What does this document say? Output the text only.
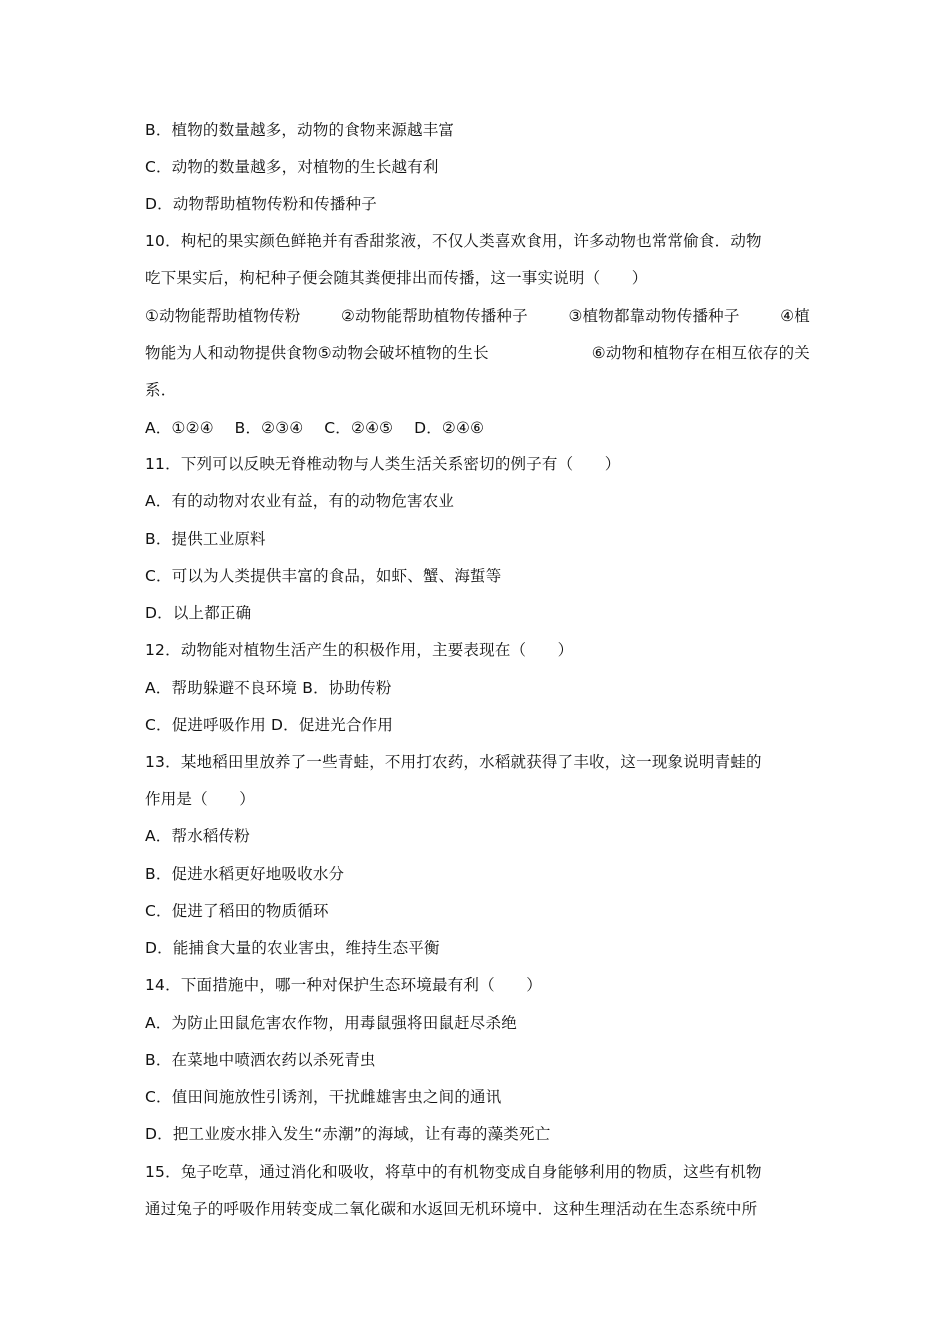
B．植物的数量越多，动物的食物来源越丰富
C．动物的数量越多，对植物的生长越有利
D．动物帮助植物传粉和传播种子
10．枸杞的果实颜色鲜艳并有香甜浆液，不仅人类喜欢食用，许多动物也常常偷食．动物
吃下果实后，枸杞种子便会随其粪便排出而传播，这一事实说明（　　）
①动物能帮助植物传粉	②动物能帮助植物传播种子	③植物都靠动物传播种子	④植
物能为人和动物提供食物⑤动物会破坏植物的生长	⑥动物和植物存在相互依存的关
系．
A．①②④　 B．②③④　 C．②④⑤　 D．②④⑥
11．下列可以反映无脊椎动物与人类生活关系密切的例子有（　　）
A．有的动物对农业有益，有的动物危害农业
B．提供工业原料
C．可以为人类提供丰富的食品，如虾、蟹、海蜇等
D．以上都正确
12．动物能对植物生活产生的积极作用，主要表现在（　　）
A．帮助躲避不良环境 B．协助传粉
C．促进呼吸作用 D．促进光合作用
13．某地稻田里放养了一些青蛙，不用打农药，水稻就获得了丰收，这一现象说明青蛙的
作用是（　　）
A．帮水稻传粉
B．促进水稻更好地吸收水分
C．促进了稻田的物质循环
D．能捕食大量的农业害虫，维持生态平衡
14．下面措施中，哪一种对保护生态环境最有利（　　）
A．为防止田鼠危害农作物，用毒鼠强将田鼠赶尽杀绝
B．在菜地中喷洒农药以杀死青虫
C．值田间施放性引诱剂，干扰雌雄害虫之间的通讯
D．把工业废水排入发生“赤潮”的海域，让有毒的藻类死亡
15．兔子吃草，通过消化和吸收，将草中的有机物变成自身能够利用的物质，这些有机物
通过兔子的呼吸作用转变成二氧化碳和水返回无机环境中．这种生理活动在生态系统中所
